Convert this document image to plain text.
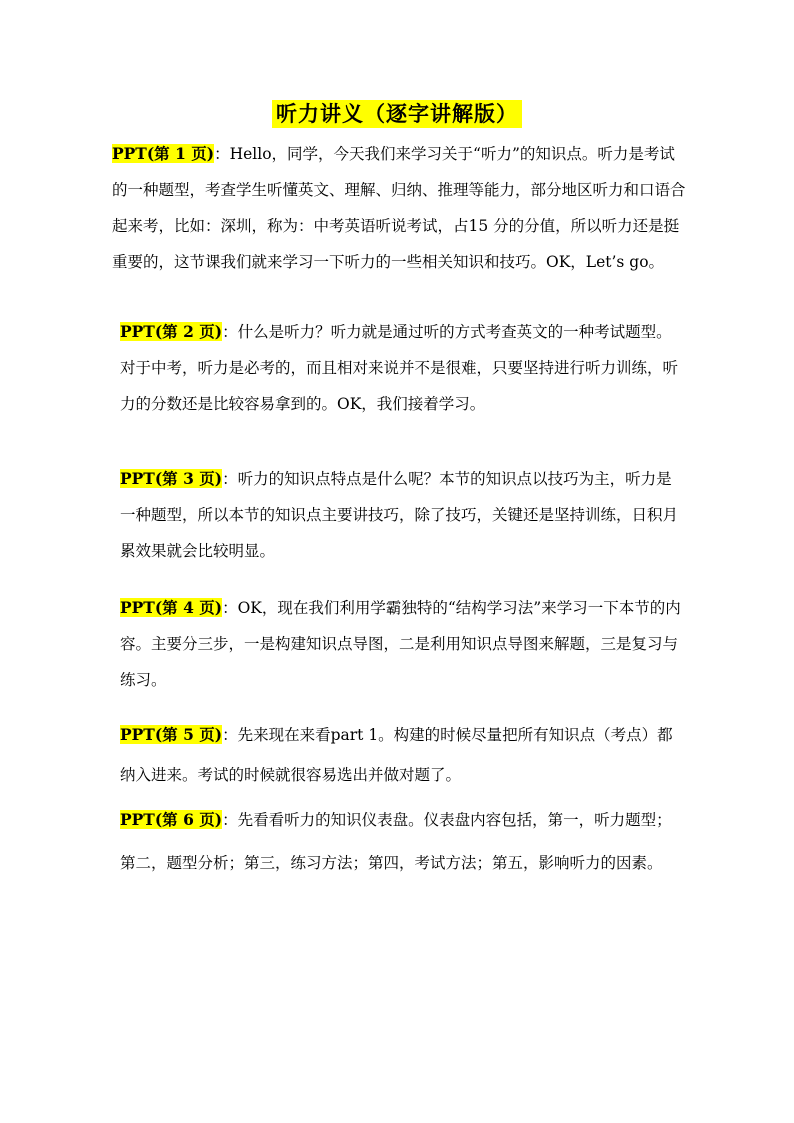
听力讲义（逐字讲解版）
PPT(第 1 页)：Hello，同学，今天我们来学习关于“听力”的知识点。听力是考试的一种题型，考查学生听懂英文、理解、归纳、推理等能力，部分地区听力和口语合起来考，比如：深圳，称为：中考英语听说考试，占15 分的分值，所以听力还是挺重要的，这节课我们就来学习一下听力的一些相关知识和技巧。OK，Let’s go。
PPT(第 2 页)：什么是听力？听力就是通过听的方式考查英文的一种考试题型。对于中考，听力是必考的，而且相对来说并不是很难，只要坚持进行听力训练，听力的分数还是比较容易拿到的。OK，我们接着学习。
PPT(第 3 页)：听力的知识点特点是什么呢？本节的知识点以技巧为主，听力是一种题型，所以本节的知识点主要讲技巧，除了技巧，关键还是坚持训练，日积月累效果就会比较明显。
PPT(第 4 页)：OK，现在我们利用学霸独特的“结构学习法”来学习一下本节的内容。主要分三步，一是构建知识点导图，二是利用知识点导图来解题，三是复习与练习。
PPT(第 5 页)：先来现在来看part 1。构建的时候尽量把所有知识点（考点）都纳入进来。考试的时候就很容易选出并做对题了。
PPT(第 6 页)：先看看听力的知识仪表盘。仪表盘内容包括，第一，听力题型；第二，题型分析；第三，练习方法；第四，考试方法；第五，影响听力的因素。
